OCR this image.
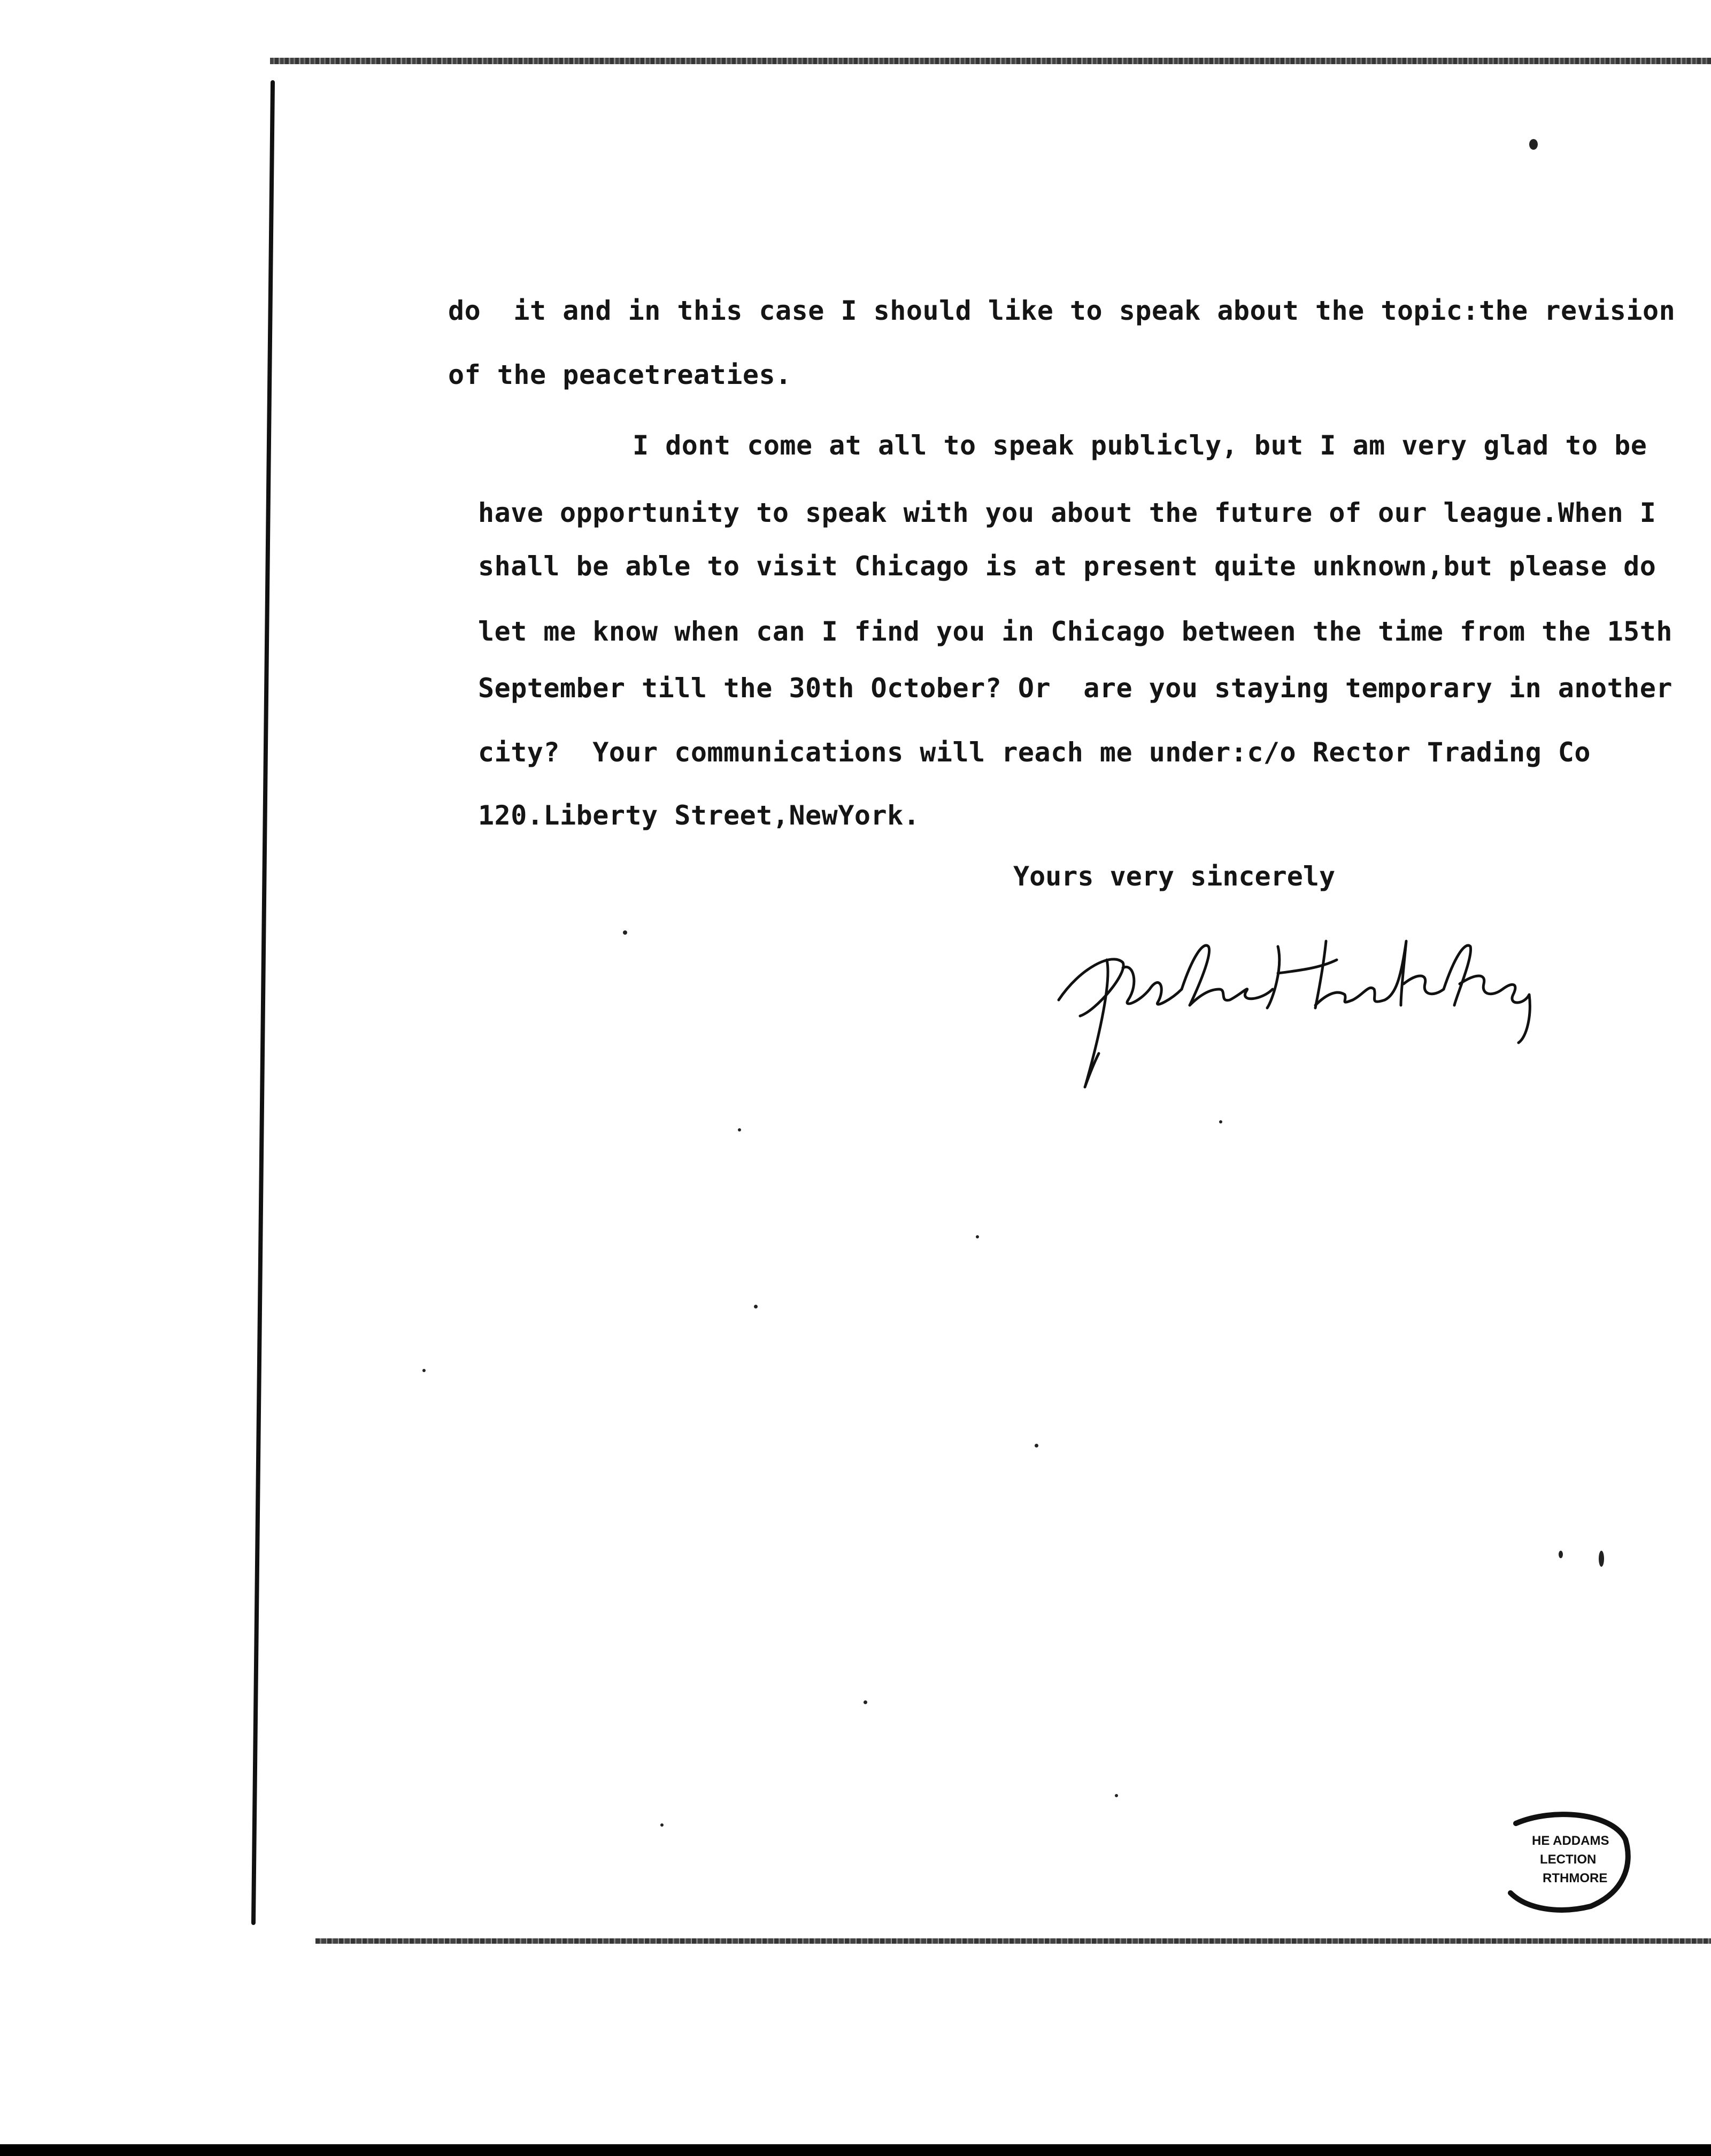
do  it and in this case I should like to speak about the topic:the revision

of the peacetreaties.

I dont come at all to speak publicly, but I am very glad to be

have opportunity to speak with you about the future of our league.When I

shall be able to visit Chicago is at present quite unknown,but please do

let me know when can I find you in Chicago between the time from the 15th

September till the 30th October? Or  are you staying temporary in another

city?  Your communications will reach me under:c/o Rector Trading Co

120.Liberty Street,NewYork.

Yours very sincerely
HE ADDAMS
LECTION
RTHMORE
